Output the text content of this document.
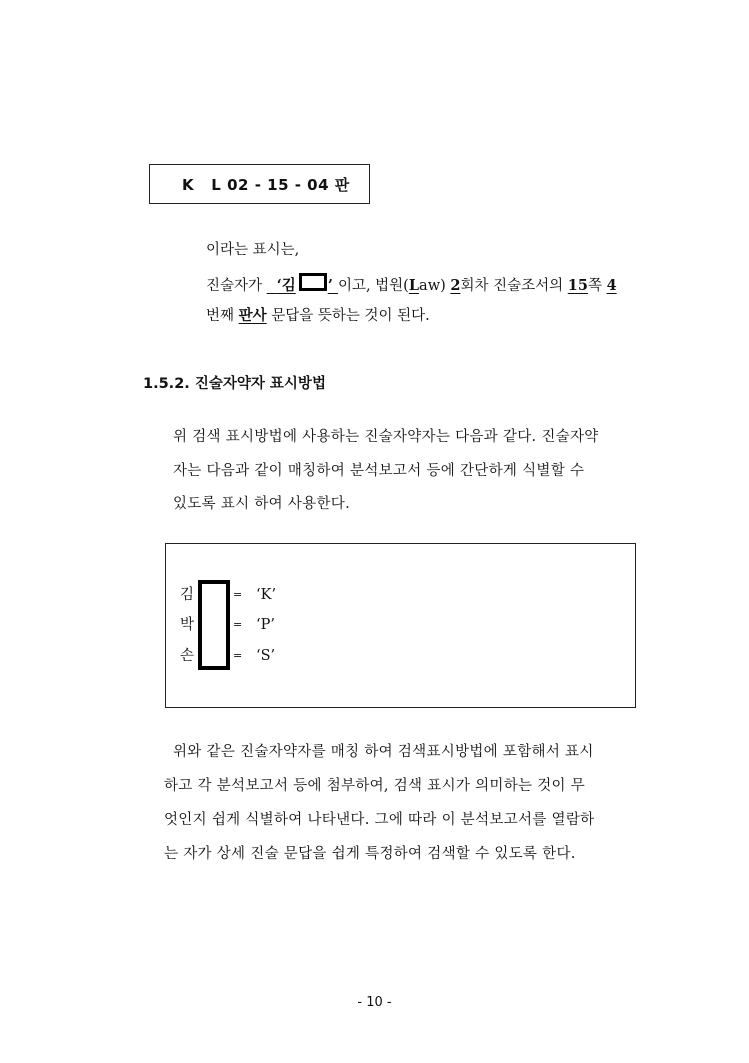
K L 02 - 15 - 04 판
이라는 표시는,
진술자가 ‘김 ’ 이고, 법원(Law) 2회차 진술조서의 15쪽 4
번째 판사 문답을 뜻하는 것이 된다.
1.5.2. 진술자약자 표시방법
위 검색 표시방법에 사용하는 진술자약자는 다음과 같다. 진술자약
자는 다음과 같이 매칭하여 분석보고서 등에 간단하게 식별할 수
있도록 표시 하여 사용한다.
김	= ‘K’
박	= ‘P’
손	= ‘S’
위와 같은 진술자약자를 매칭 하여 검색표시방법에 포함해서 표시
하고 각 분석보고서 등에 첨부하여, 검색 표시가 의미하는 것이 무
엇인지 쉽게 식별하여 나타낸다. 그에 따라 이 분석보고서를 열람하
는 자가 상세 진술 문답을 쉽게 특정하여 검색할 수 있도록 한다.
- 10 -
